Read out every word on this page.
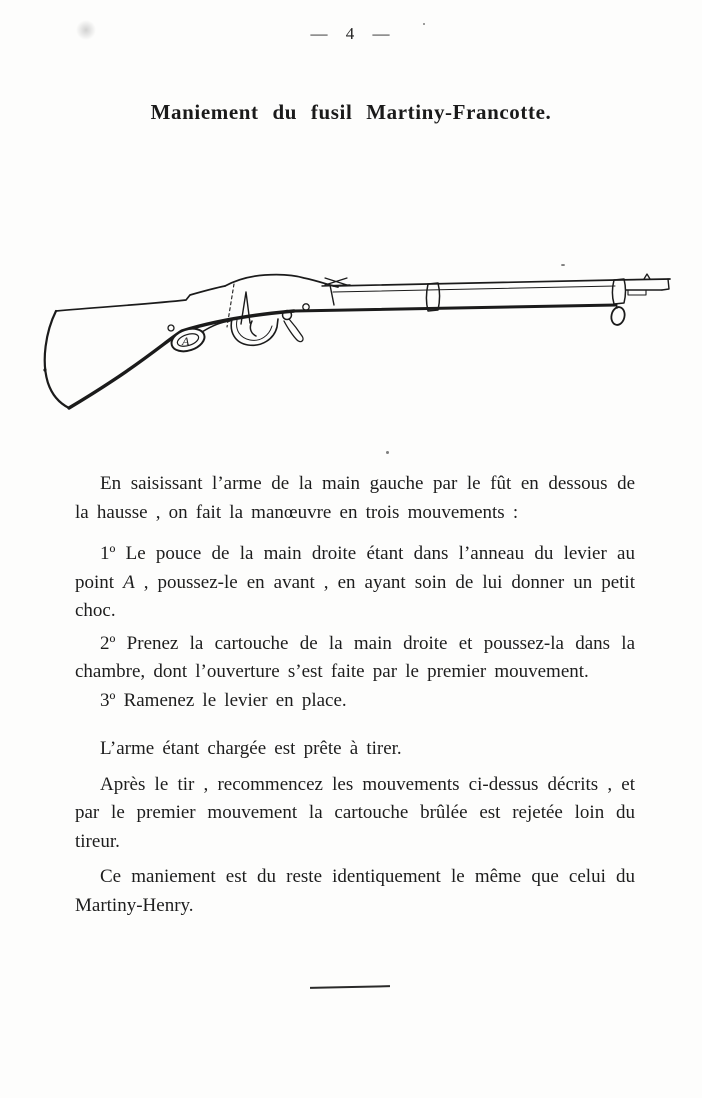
— 4 —
Maniement du fusil Martiny-Francotte.
A

En saisissant l’arme de la main gauche par le fût en dessous de la hausse , on fait la manœuvre en trois mouvements :

1º Le pouce de la main droite étant dans l’anneau du levier au point A , poussez-le en avant , en ayant soin de lui donner un petit choc.

2º Prenez la cartouche de la main droite et poussez-la dans la chambre, dont l’ouverture s’est faite par le premier mouvement.

3º Ramenez le levier en place.

L’arme étant chargée est prête à tirer.

Après le tir , recommencez les mouvements ci-dessus décrits , et par le premier mouvement la cartouche brûlée est rejetée loin du tireur.

Ce maniement est du reste identiquement le même que celui du Martiny-Henry.
